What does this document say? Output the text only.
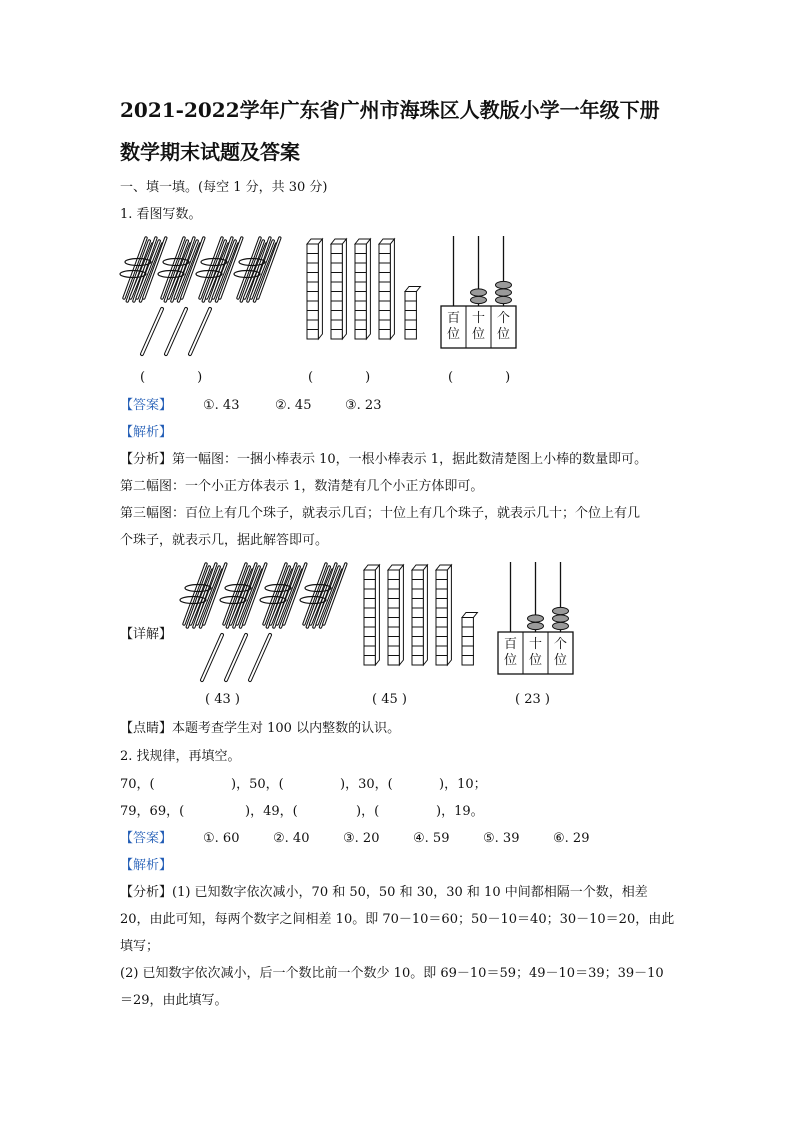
2021-2022学年广东省广州市海珠区人教版小学一年级下册
数学期末试题及答案
一、填一填。(每空 1 分，共 30 分)
1. 看图写数。
百
位
十
位
个
位
(　　　　)	(　　　　)	(　　　　)
【答案】 ①. 43	②. 45	③. 23
【解析】
【分析】第一幅图：一捆小棒表示 10，一根小棒表示 1，据此数清楚图上小棒的数量即可。
第二幅图：一个小正方体表示 1，数清楚有几个小正方体即可。
第三幅图：百位上有几个珠子，就表示几百；十位上有几个珠子，就表示几十；个位上有几
个珠子，就表示几，据此解答即可。
【详解】
百
位
十
位
个
位
( 43 )	( 45 )	( 23 )
【点睛】本题考查学生对 100 以内整数的认识。
2. 找规律，再填空。
70，(	)，50，(	)，30，(	)，10；
79，69，(	)，49，(	)，(	)，19。
【答案】 ①. 60	②. 40	③. 20	④. 59	⑤. 39	⑥. 29
【解析】
【分析】(1) 已知数字依次减小，70 和 50，50 和 30，30 和 10 中间都相隔一个数，相差
20，由此可知，每两个数字之间相差 10。即 70－10＝60；50－10＝40；30－10＝20，由此
填写；
(2) 已知数字依次减小，后一个数比前一个数少 10。即 69－10＝59；49－10＝39；39－10
＝29，由此填写。
